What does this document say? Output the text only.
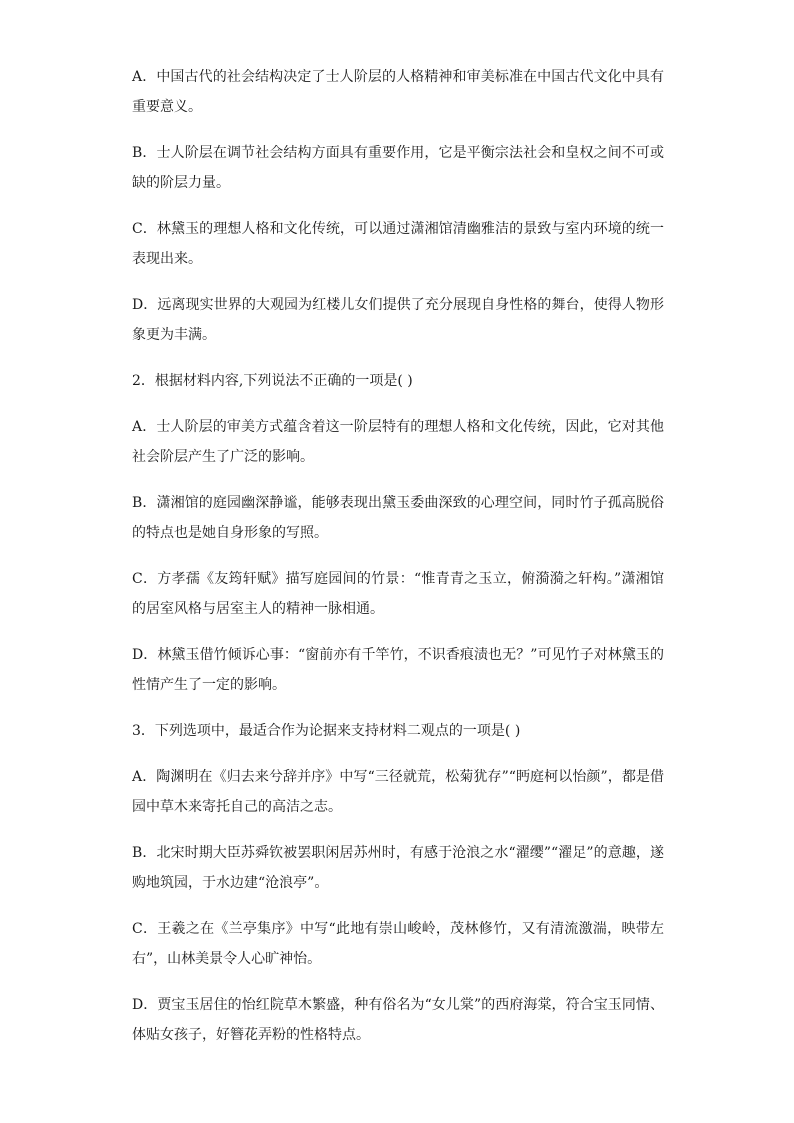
A．中国古代的社会结构决定了士人阶层的人格精神和审美标准在中国古代文化中具有重要意义。

B．士人阶层在调节社会结构方面具有重要作用，它是平衡宗法社会和皇权之间不可或缺的阶层力量。

C．林黛玉的理想人格和文化传统，可以通过潇湘馆清幽雅洁的景致与室内环境的统一表现出来。

D．远离现实世界的大观园为红楼儿女们提供了充分展现自身性格的舞台，使得人物形象更为丰满。

2．根据材料内容,下列说法不正确的一项是( )

A．士人阶层的审美方式蕴含着这一阶层特有的理想人格和文化传统，因此，它对其他社会阶层产生了广泛的影响。

B．潇湘馆的庭园幽深静谧，能够表现出黛玉委曲深致的心理空间，同时竹子孤高脱俗的特点也是她自身形象的写照。

C．方孝孺《友筠轩赋》描写庭园间的竹景：“惟青青之玉立，俯漪漪之轩构。”潇湘馆的居室风格与居室主人的精神一脉相通。

D．林黛玉借竹倾诉心事：“窗前亦有千竿竹，不识香痕渍也无？”可见竹子对林黛玉的性情产生了一定的影响。

3．下列选项中，最适合作为论据来支持材料二观点的一项是( )

A．陶渊明在《归去来兮辞并序》中写“三径就荒，松菊犹存”“眄庭柯以怡颜”，都是借园中草木来寄托自己的高洁之志。

B．北宋时期大臣苏舜钦被罢职闲居苏州时，有感于沧浪之水“濯缨”“濯足”的意趣，遂购地筑园，于水边建“沧浪亭”。

C．王羲之在《兰亭集序》中写“此地有崇山峻岭，茂林修竹，又有清流激湍，映带左右”，山林美景令人心旷神怡。

D．贾宝玉居住的怡红院草木繁盛，种有俗名为“女儿棠”的西府海棠，符合宝玉同情、体贴女孩子，好簪花弄粉的性格特点。
